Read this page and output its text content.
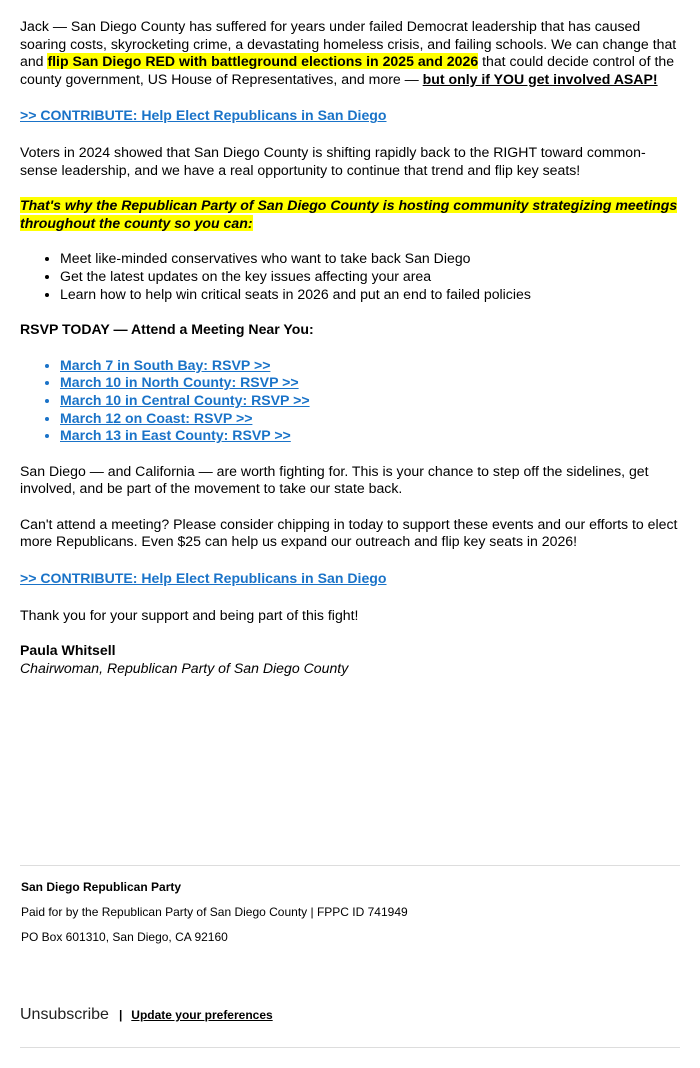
Jack — San Diego County has suffered for years under failed Democrat leadership that has caused soaring costs, skyrocketing crime, a devastating homeless crisis, and failing schools. We can change that and flip San Diego RED with battleground elections in 2025 and 2026 that could decide control of the county government, US House of Representatives, and more — but only if YOU get involved ASAP!

>> CONTRIBUTE: Help Elect Republicans in San Diego

Voters in 2024 showed that San Diego County is shifting rapidly back to the RIGHT toward common-sense leadership, and we have a real opportunity to continue that trend and flip key seats!

That's why the Republican Party of San Diego County is hosting community strategizing meetings throughout the county so you can:

• Meet like-minded conservatives who want to take back San Diego
• Get the latest updates on the key issues affecting your area
• Learn how to help win critical seats in 2026 and put an end to failed policies

RSVP TODAY — Attend a Meeting Near You:

• March 7 in South Bay: RSVP >>
• March 10 in North County: RSVP >>
• March 10 in Central County: RSVP >>
• March 12 on Coast: RSVP >>
• March 13 in East County: RSVP >>

San Diego — and California — are worth fighting for. This is your chance to step off the sidelines, get involved, and be part of the movement to take our state back.

Can't attend a meeting? Please consider chipping in today to support these events and our efforts to elect more Republicans. Even $25 can help us expand our outreach and flip key seats in 2026!

>> CONTRIBUTE: Help Elect Republicans in San Diego

Thank you for your support and being part of this fight!

Paula Whitsell

Chairwoman, Republican Party of San Diego County

San Diego Republican Party
Paid for by the Republican Party of San Diego County | FPPC ID 741949
PO Box 601310, San Diego, CA 92160
Unsubscribe | Update your preferences
